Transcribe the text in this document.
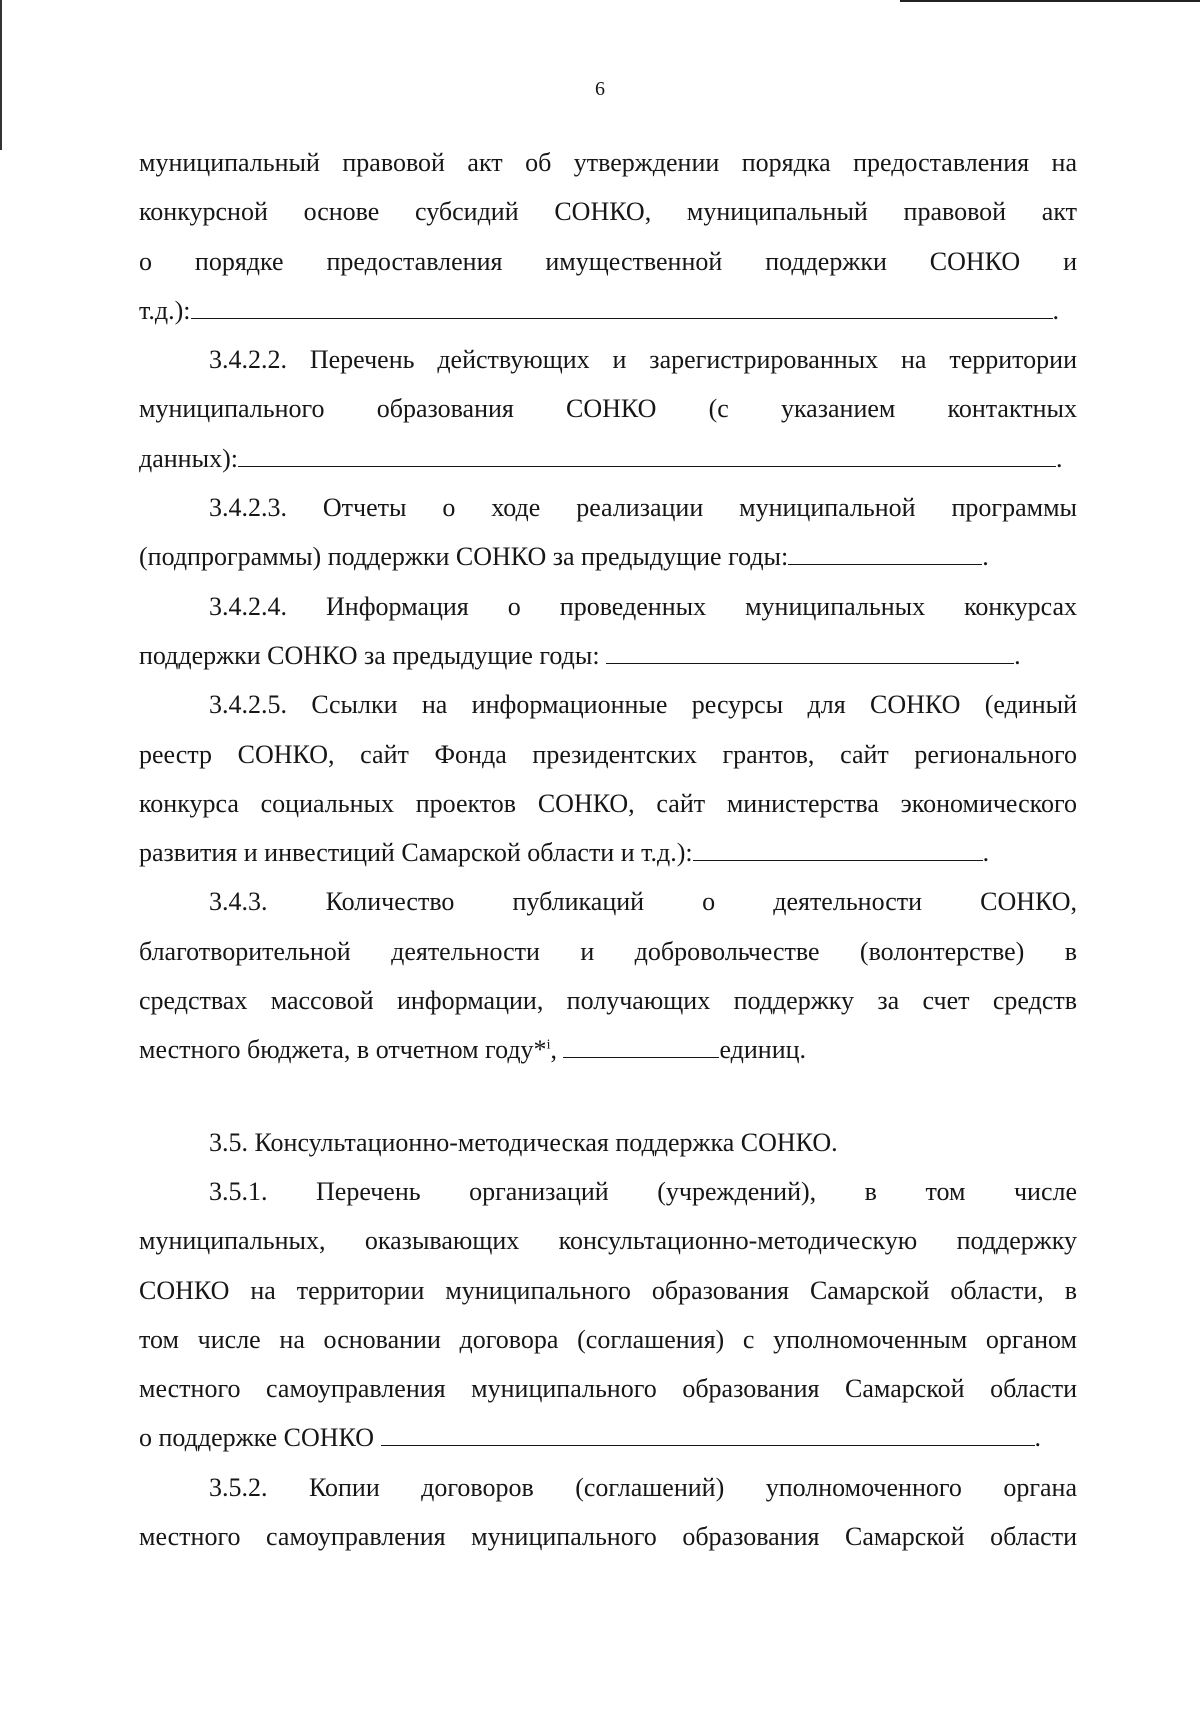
6
муниципальный правовой акт об утверждении порядка предоставления на
конкурсной основе субсидий СОНКО, муниципальный правовой акт
о порядке предоставления имущественной поддержки СОНКО и
т.д.):	.
3.4.2.2. Перечень действующих и зарегистрированных на территории
муниципального образования СОНКО (с указанием контактных
данных):	.
3.4.2.3. Отчеты о ходе реализации муниципальной программы
(подпрограммы) поддержки СОНКО за предыдущие годы:	.
3.4.2.4. Информация о проведенных муниципальных конкурсах
поддержки СОНКО за предыдущие годы:	.
3.4.2.5. Ссылки на информационные ресурсы для СОНКО (единый
реестр СОНКО, сайт Фонда президентских грантов, сайт регионального
конкурса социальных проектов СОНКО, сайт министерства экономического
развития и инвестиций Самарской области и т.д.):	.
3.4.3. Количество публикаций о деятельности СОНКО,
благотворительной деятельности и добровольчестве (волонтерстве) в
средствах массовой информации, получающих поддержку за счет средств
местного бюджета, в отчетном году*$^i$,	единиц.
3.5. Консультационно-методическая поддержка СОНКО.
3.5.1. Перечень организаций (учреждений), в том числе
муниципальных, оказывающих консультационно-методическую поддержку
СОНКО на территории муниципального образования Самарской области, в
том числе на основании договора (соглашения) с уполномоченным органом
местного самоуправления муниципального образования Самарской области
о поддержке СОНКО	.
3.5.2. Копии договоров (соглашений) уполномоченного органа
местного самоуправления муниципального образования Самарской области
